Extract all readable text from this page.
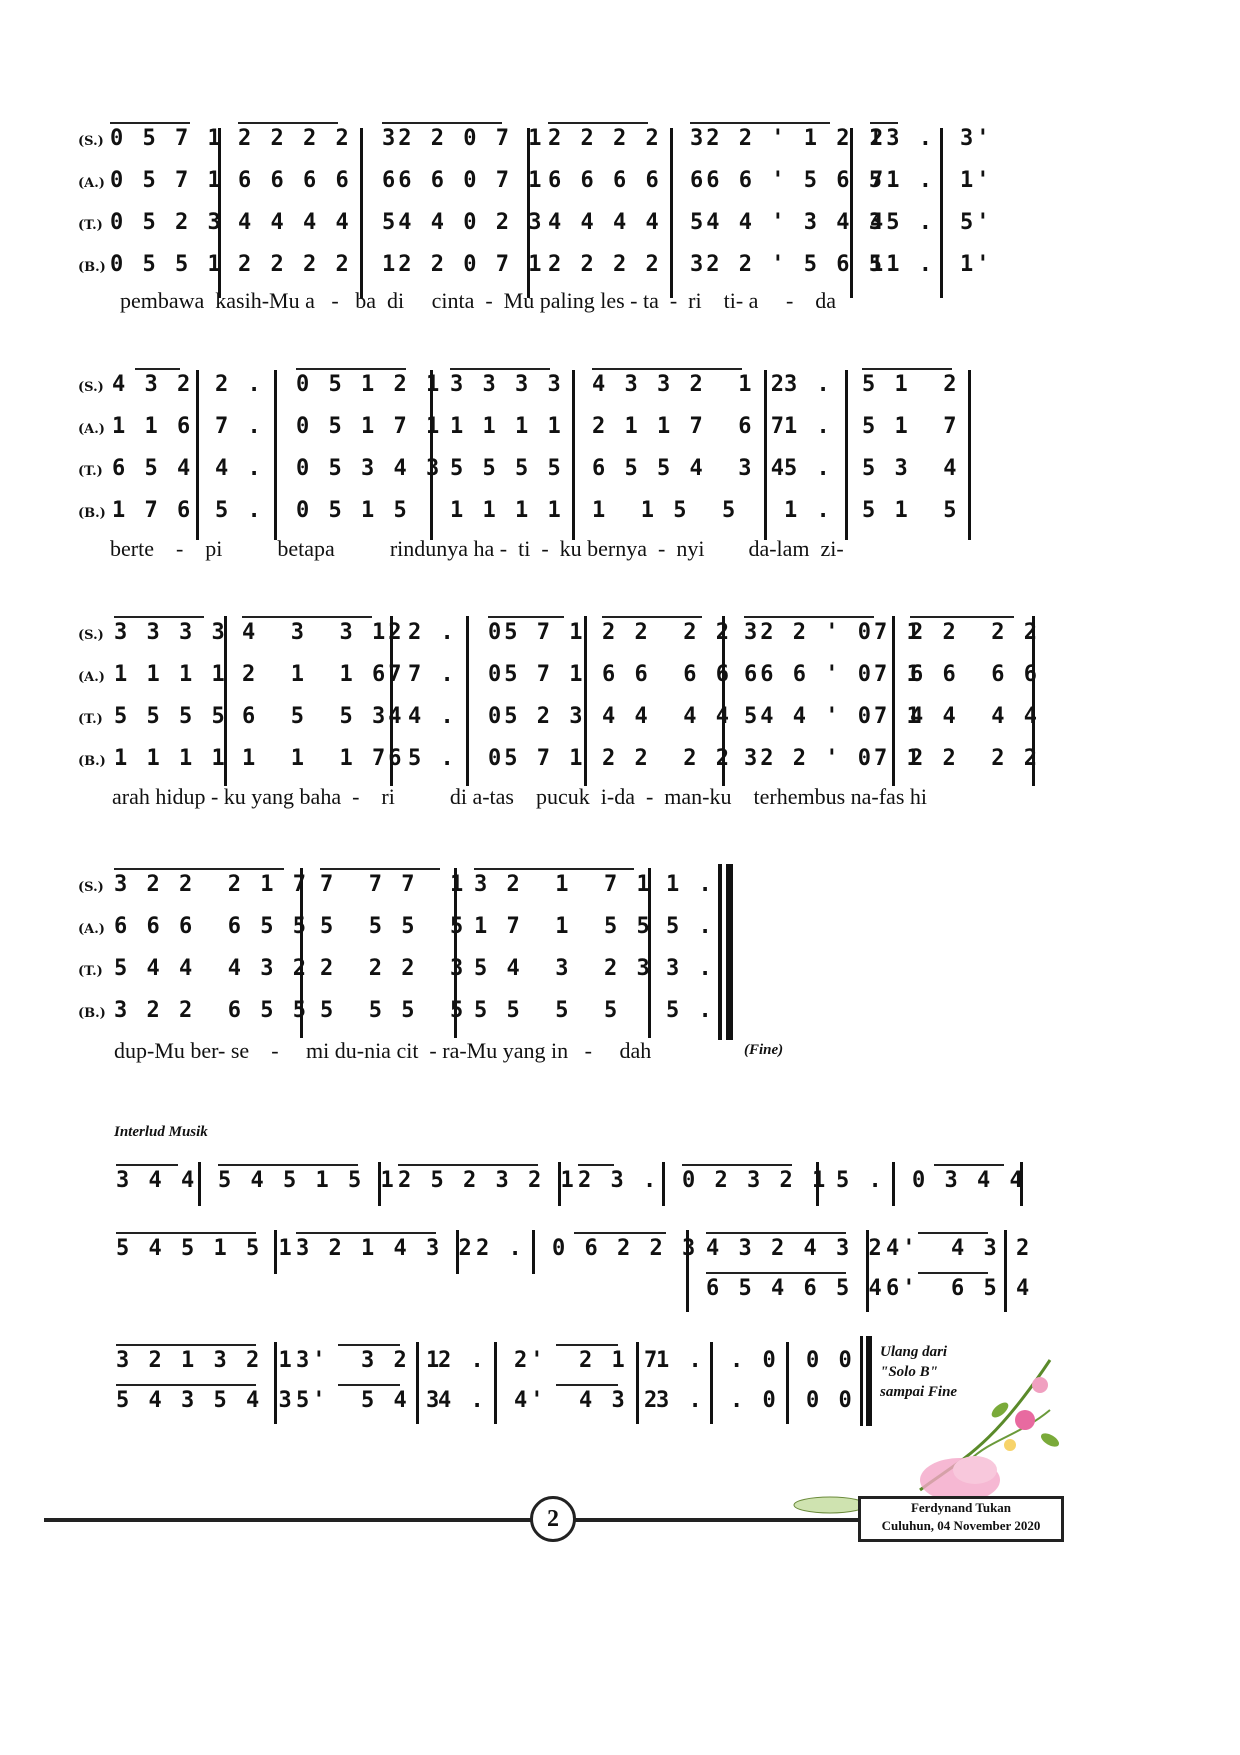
(S.) 0 5 7 1 2 2 2 2 32 2 0 7 1 2 2 2 2 32 2 ' 1 2 1
23 . 3'
(A.) 0 5 7 1 6 6 6 6 66 6 0 7 1 6 6 6 6 66 6 ' 5 6 5
71 . 1'
(T.) 0 5 2 3 4 4 4 4 54 4 0 2 3 4 4 4 4 54 4 ' 3 4 3
45 . 5'
(B.) 0 5 5 1 2 2 2 2 12 2 0 7 1 2 2 2 2 32 2 ' 5 6 5
11 . 1'
pembawa  kasih-Mu a   -   ba  di     cinta  -  Mu paling les - ta  -  ri    ti- a     -    da
(S.) 4 3 2 2 . 0 5 1 2 1 3 3 3 3 4 3 3 2  1 2
3 . 5 1  2
(A.) 1 1 6 7 . 0 5 1 7 1 1 1 1 1 2 1 1 7  6 7
1 . 5 1  7
(T.) 6 5 4 4 . 0 5 3 4 3 5 5 5 5 6 5 5 4  3 4
5 . 5 3  4
(B.) 1 7 6 5 . 0 5 1 5 1 1 1 1 1  1 5  5 1 . 5 1  5
berte    -    pi          betapa          rindunya ha -  ti  -  ku bernya  -  nyi        da-lam  zi-
(S.) 3 3 3 3 4  3  3 12 2 . 05 7 1 2 2  2 2 32 2 ' 07 1
2 2  2 2
(A.) 1 1 1 1 2  1  1 67 7 . 05 7 1 6 6  6 6 66 6 ' 07 1
6 6  6 6
(T.) 5 5 5 5 6  5  5 34 4 . 05 2 3 4 4  4 4 54 4 ' 07 1
4 4  4 4
(B.) 1 1 1 1 1  1  1 76 5 . 05 7 1 2 2  2 2 32 2 ' 07 1
2 2  2 2
arah hidup - ku yang baha  -    ri          di a-tas    pucuk  i-da  -  man-ku    terhembus na-fas hi
(S.) 3 2 2  2 1 7 7  7 7  1 3 2  1  7 1 1 .
(A.) 6 6 6  6 5 5 5  5 5  5 1 7  1  5 5 5 .
(T.) 5 4 4  4 3 2 2  2 2  3 5 4  3  2 3 3 .
(B.) 3 2 2  6 5 5 5  5 5  5 5 5  5  5 5 .
dup-Mu ber- se    -     mi du-nia cit  - ra-Mu yang in   -     dah	(Fine)
Interlud Musik
3 4 4 5 4 5 1 5 1 2 5 2 3 2 1 2 3 . 0 2 3 2 1 5 . 0 3 4 4
5 4 5 1 5 1 3 2 1 4 3 2 2 . 0 6 2 2 3 4 3 2 4 3 2 4'  4 3 2
6 5 4 6 5 4 6'  6 5 4
3 2 1 3 2 1 3'  3 2 1
2 . 2'  2 1 7
1 . . 0 0 0
5 4 3 5 4 3 5'  5 4 3
4 . 4'  4 3 2
3 . . 0 0 0
Ulang dari
"Solo B"
sampai Fine
2	Ferdynand Tukan
Culuhun, 04 November 2020
